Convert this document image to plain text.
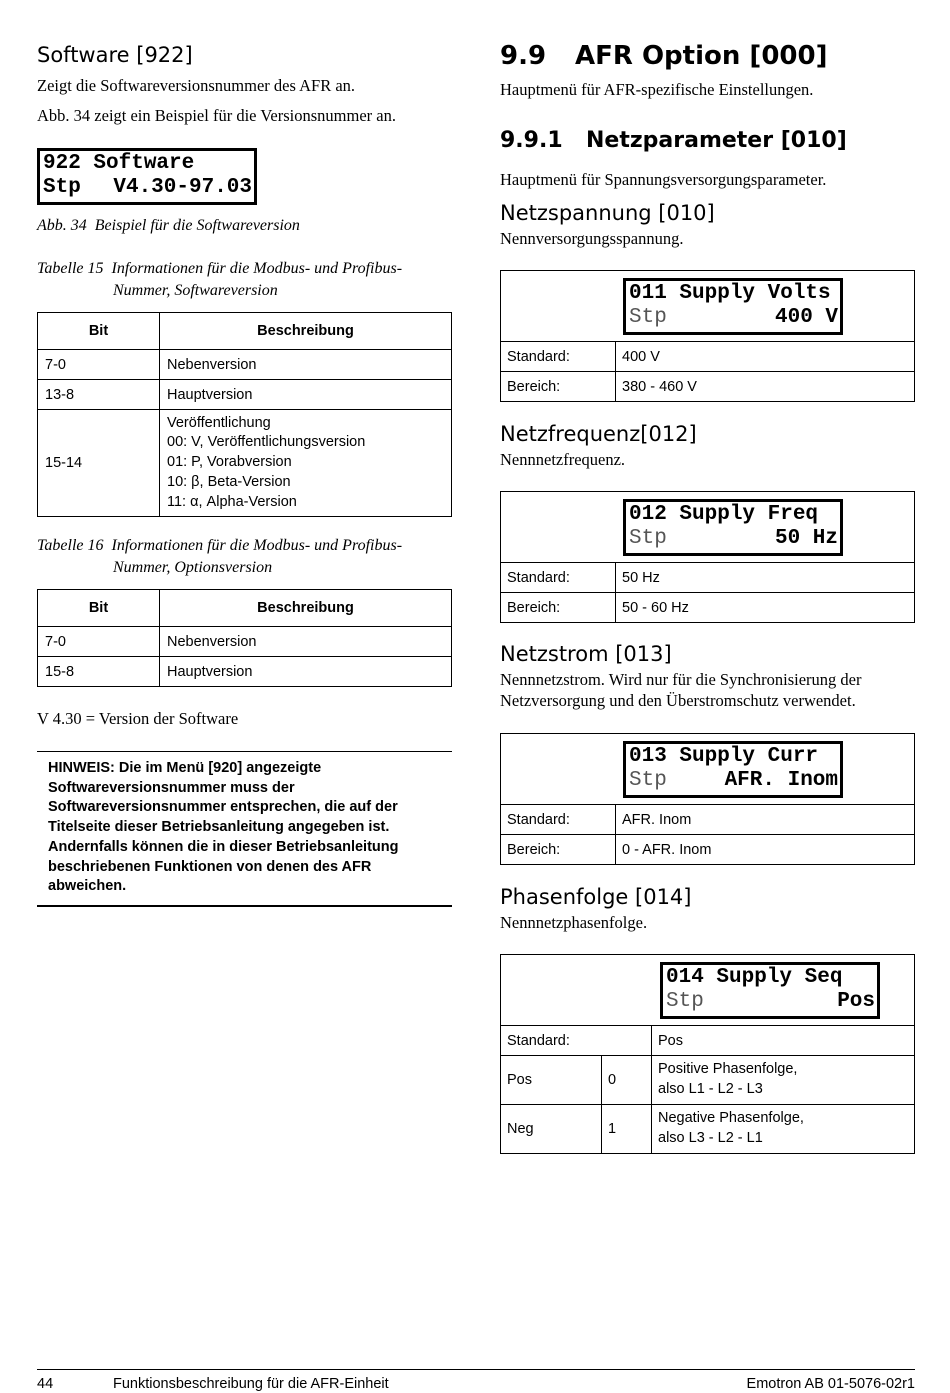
Software [922]

Zeigt die Softwareversionsnummer des AFR an.

Abb. 34 zeigt ein Beispiel für die Versionsnummer an.

922 Software
Stp V4.30-97.03

Abb. 34  Beispiel für die Softwareversion

Tabelle 15  Informationen für die Modbus- und Profibus-

Nummer, Softwareversion

Bit	Beschreibung
7-0	Nebenversion
13-8	Hauptversion
15-14	Veröffentlichung
00: V, Veröffentlichungsversion
01: P, Vorabversion
10: β, Beta-Version
11: α, Alpha-Version

Tabelle 16  Informationen für die Modbus- und Profibus-

Nummer, Optionsversion

Bit	Beschreibung
7-0	Nebenversion
15-8	Hauptversion

V 4.30 = Version der Software

HINWEIS: Die im Menü [920] angezeigte
Softwareversionsnummer muss der
Softwareversionsnummer entsprechen, die auf der
Titelseite dieser Betriebsanleitung angegeben ist.
Andernfalls können die in dieser Betriebsanleitung
beschriebenen Funktionen von denen des AFR
abweichen.
9.9 AFR Option [000]

Hauptmenü für AFR-spezifische Einstellungen.

9.9.1 Netzparameter [010]

Hauptmenü für Spannungsversorgungsparameter.

Netzspannung [010]

Nennversorgungsspannung.

011 Supply Volts
Stp 400 V	

Standard:	400 V
Bereich:	380 - 460 V
Netzfrequenz[012]

Nennnetzfrequenz.

012 Supply Freq
Stp 50 Hz	

Standard:	50 Hz
Bereich:	50 - 60 Hz
Netzstrom [013]

Nennnetzstrom. Wird nur für die Synchronisierung der

Netzversorgung und den Überstromschutz verwendet.

013 Supply Curr
Stp AFR. Inom	

Standard:	AFR. Inom
Bereich:	0 - AFR. Inom
Phasenfolge [014]

Nennnetzphasenfolge.

014 Supply Seq
Stp Pos		

Standard:		Pos
Pos	0	Positive Phasenfolge,
also L1 - L2 - L3

Neg	1	Negative Phasenfolge,
also L3 - L2 - L1
44	Funktionsbeschreibung für die AFR-Einheit	Emotron AB 01-5076-02r1
